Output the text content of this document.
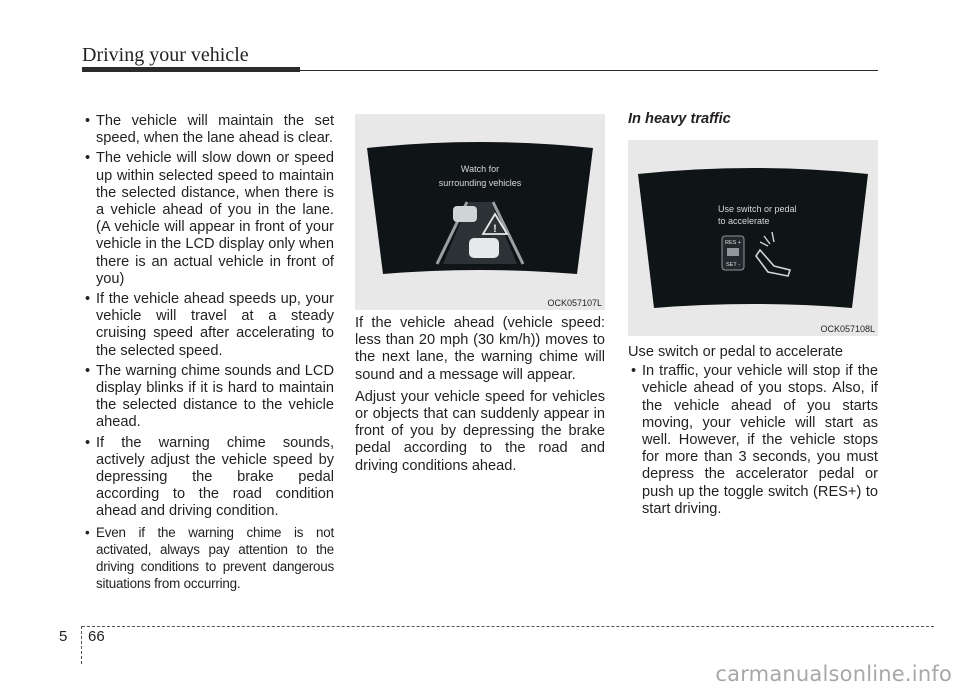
Driving your vehicle
• The vehicle will maintain the set speed, when the lane ahead is clear.
• The vehicle will slow down or speed up within selected speed to maintain the selected distance, when there is a vehicle ahead of you in the lane. (A vehicle will appear in front of your vehicle in the LCD display only when there is an actual vehicle in front of you)
• If the vehicle ahead speeds up, your vehicle will travel at a steady cruising speed after accelerating to the selected speed.
• The warning chime sounds and LCD display blinks if it is hard to maintain the selected distance to the vehicle ahead.
• If the warning chime sounds, actively adjust the vehicle speed by depressing the brake pedal according to the road condition ahead and driving condition.
• Even if the warning chime is not activated, always pay attention to the driving conditions to prevent dangerous situations from occurring.
Watch for
surrounding vehicles
!
OCK057107L

If the vehicle ahead (vehicle speed: less than 20 mph (30 km/h)) moves to the next lane, the warning chime will sound and a message will appear.

Adjust your vehicle speed for vehicles or objects that can suddenly appear in front of you by depressing the brake pedal according to the road and driving conditions ahead.

In heavy traffic
Use switch or pedal
to accelerate
RES +
SET -
OCK057108L

Use switch or pedal to accelerate

• In traffic, your vehicle will stop if the vehicle ahead of you stops. Also, if the vehicle ahead of you starts moving, your vehicle will start as well. However, if the vehicle stops for more than 3 seconds, you must depress the accelerator pedal or push up the toggle switch (RES+) to start driving.
5 66
carmanualsonline.info
